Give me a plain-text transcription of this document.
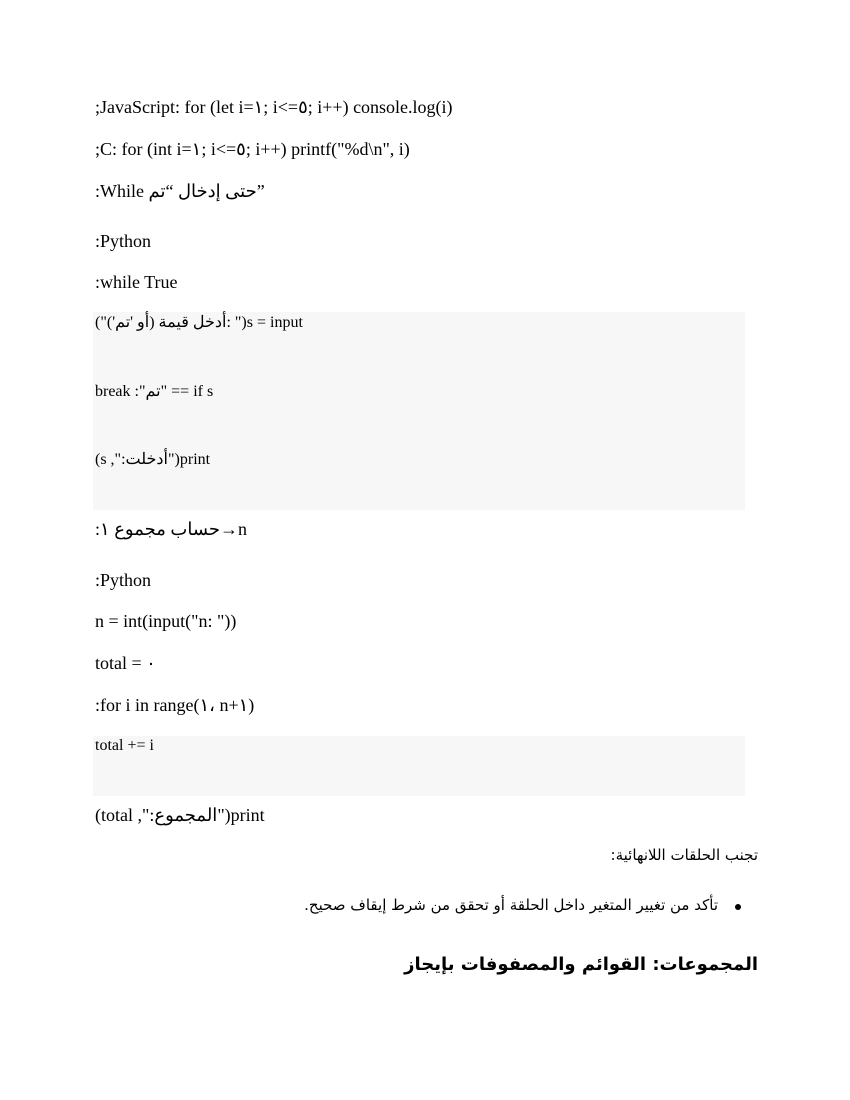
;JavaScript: for (let i=١; i<=٥; i++) console.log(i)
;C: for (int i=١; i<=٥; i++) printf("%d\n", i)
:While حتى إدخال “تم”
:Python
:while True
("أدخل قيمة (أو 'تم'): ")s = input
break :"تم" == if s
(s ,":أدخلت")print
:حساب مجموع ١→n
:Python
n = int(input("n: "))
total = ٠
:for i in range(١، n+١)
total += i
(total ,":المجموع")print
تجنب الحلقات اللانهائية:
تأكد من تغيير المتغير داخل الحلقة أو تحقق من شرط إيقاف صحيح.
المجموعات: القوائم والمصفوفات بإيجاز
